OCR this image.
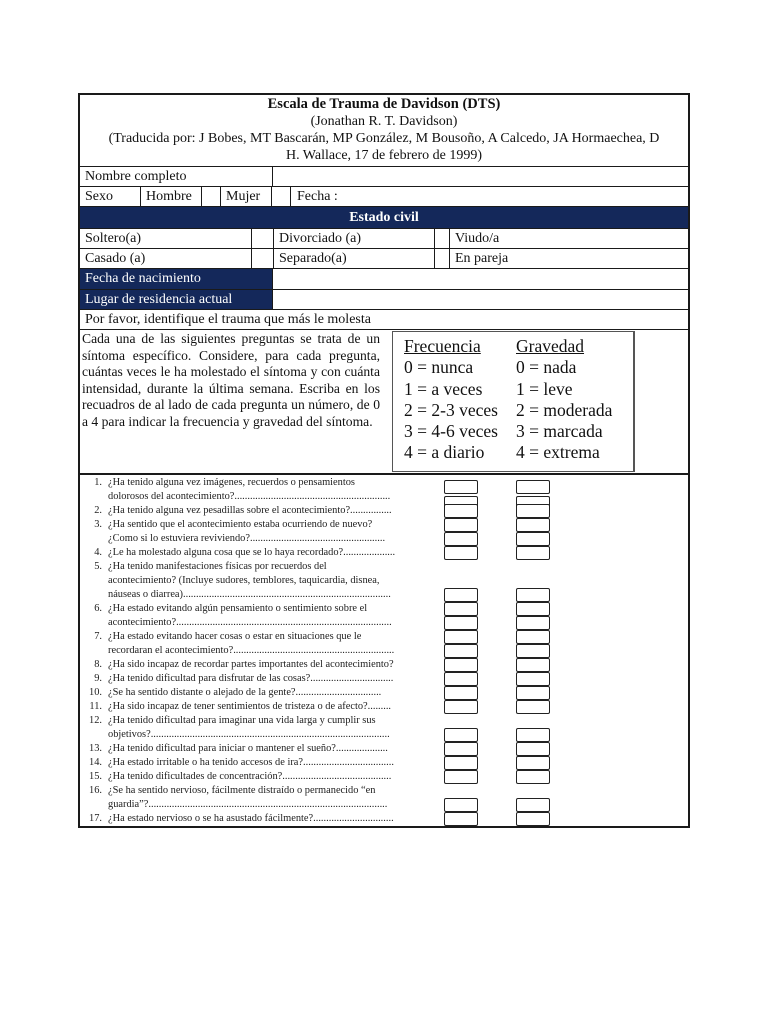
Escala de Trauma de Davidson (DTS)
(Jonathan R. T. Davidson)
(Traducida por: J Bobes, MT Bascarán, MP González, M Bousoño, A Calcedo, JA Hormaechea, D
H. Wallace, 17 de febrero de 1999)
Nombre completo
Sexo	Hombre	Mujer	Fecha :
Estado civil
Soltero(a)	Divorciado (a)	Viudo/a
Casado (a)	Separado(a)	En pareja
Fecha de nacimiento
Lugar de residencia actual
Por favor, identifique el trauma que más le molesta
Cada una de las siguientes preguntas se trata de un síntoma específico. Considere, para cada pregunta, cuántas veces le ha molestado el síntoma y con cuánta intensidad, durante la última semana. Escriba en los recuadros de al lado de cada pregunta un número, de 0 a 4 para indicar la frecuencia y gravedad del síntoma.
Frecuencia
0 = nunca
1 = a veces
2 = 2-3 veces
3 = 4-6 veces
4 = a diario
Gravedad
0 = nada
1 = leve
2 = moderada
3 = marcada
4 = extrema
1. ¿Ha tenido alguna vez imágenes, recuerdos o pensamientos
dolorosos del acontecimiento?............................................................
2. ¿Ha tenido alguna vez pesadillas sobre el acontecimiento?................
3. ¿Ha sentido que el acontecimiento estaba ocurriendo de nuevo?
¿Como si lo estuviera reviviendo?....................................................
4. ¿Le ha molestado alguna cosa que se lo haya recordado?....................
5. ¿Ha tenido manifestaciones físicas por recuerdos del
acontecimiento? (Incluye sudores, temblores, taquicardia, disnea,
náuseas o diarrea)................................................................................
6. ¿Ha estado evitando algún pensamiento o sentimiento sobre el
acontecimiento?...................................................................................
7. ¿Ha estado evitando hacer cosas o estar en situaciones que le
recordaran el acontecimiento?..............................................................
8. ¿Ha sido incapaz de recordar partes importantes del acontecimiento?
9. ¿Ha tenido dificultad para disfrutar de las cosas?................................
10. ¿Se ha sentido distante o alejado de la gente?.................................
11. ¿Ha sido incapaz de tener sentimientos de tristeza o de afecto?.........
12. ¿Ha tenido dificultad para imaginar una vida larga y cumplir sus
objetivos?............................................................................................
13. ¿Ha tenido dificultad para iniciar o mantener el sueño?....................
14. ¿Ha estado irritable o ha tenido accesos de ira?...................................
15. ¿Ha tenido dificultades de concentración?..........................................
16. ¿Se ha sentido nervioso, fácilmente distraído o permanecido “en
guardia”?............................................................................................
17. ¿Ha estado nervioso o se ha asustado fácilmente?...............................
